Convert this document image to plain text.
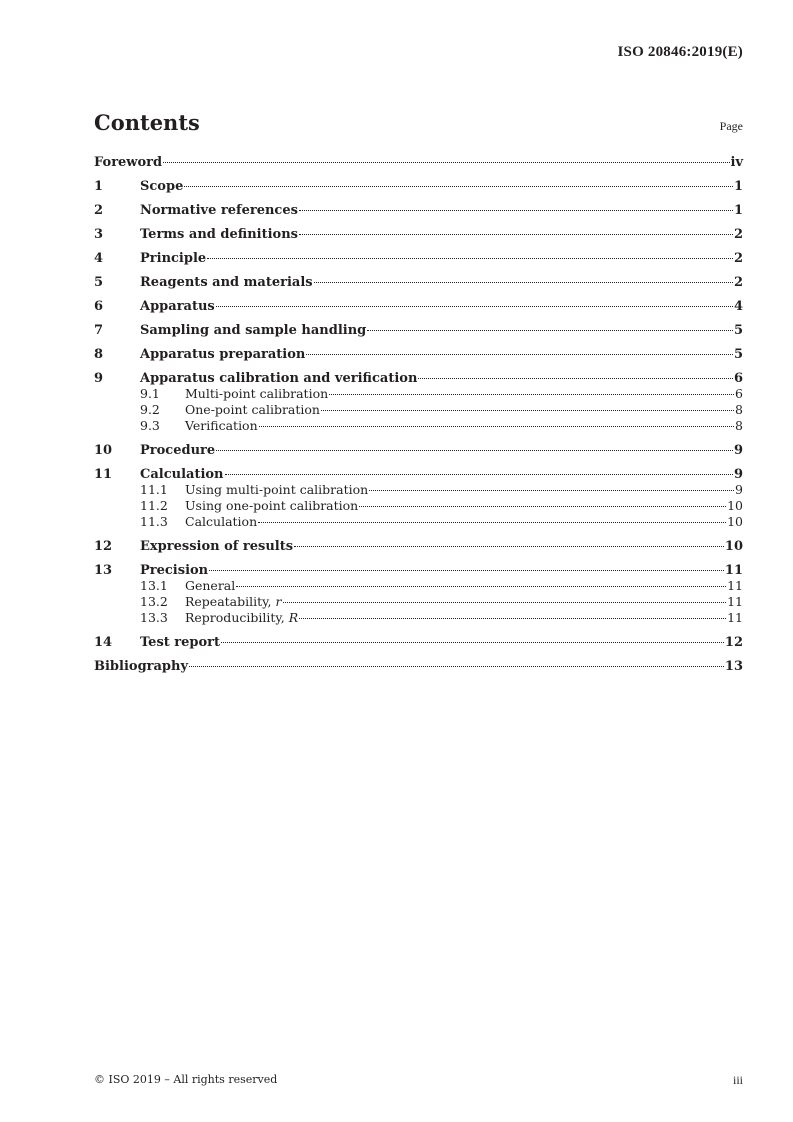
ISO 20846:2019(E)
Contents	Page
Foreword	iv
1	Scope	1
2	Normative references	1
3	Terms and definitions	2
4	Principle	2
5	Reagents and materials	2
6	Apparatus	4
7	Sampling and sample handling	5
8	Apparatus preparation	5
9	Apparatus calibration and verification	6
9.1	Multi-point calibration	6
9.2	One-point calibration	8
9.3	Verification	8
10	Procedure	9
11	Calculation	9
11.1	Using multi-point calibration	9
11.2	Using one-point calibration	10
11.3	Calculation	10
12	Expression of results	10
13	Precision	11
13.1	General	11
13.2	Repeatability, r	11
13.3	Reproducibility, R	11
14	Test report	12
Bibliography	13
© ISO 2019 – All rights reserved	iii
